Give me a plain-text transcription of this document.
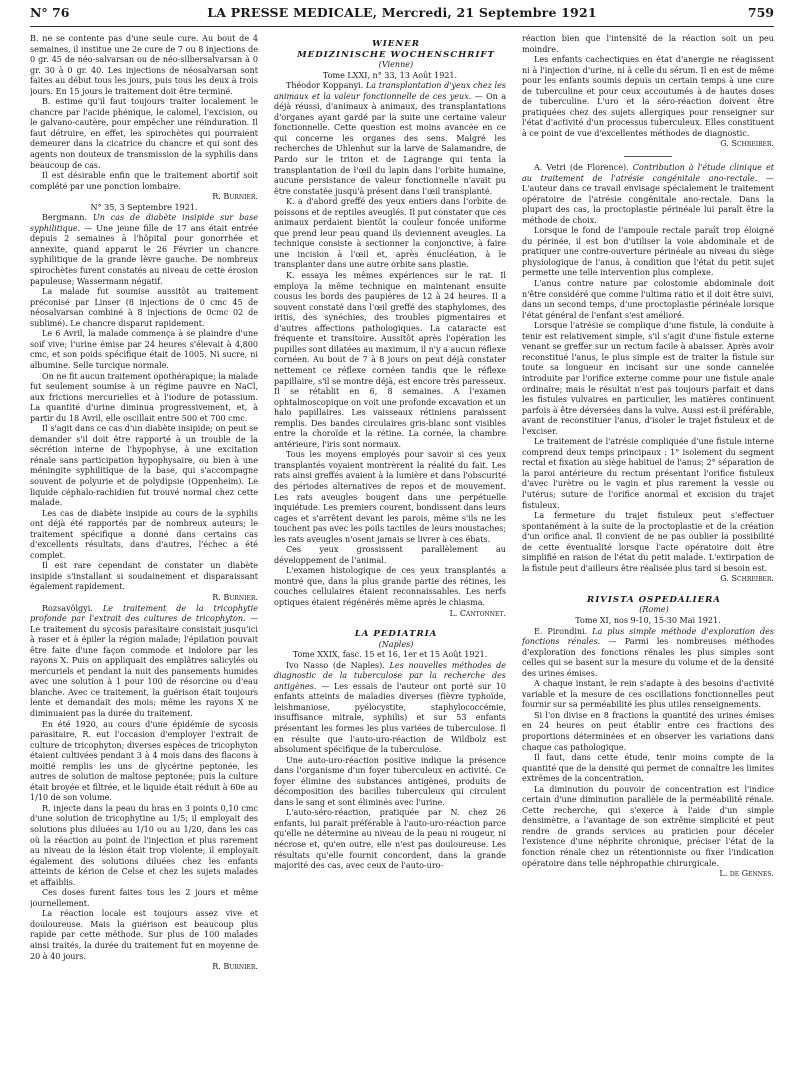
N° 76	LA PRESSE MEDICALE, Mercredi, 21 Septembre 1921	759

B. ne se contente pas d'une seule cure. Au bout de 4 semaines, il institue une 2e cure de 7 ou 8 injections de 0 gr. 45 de néo-salvarsan ou de néo-silbersalvarsan à 0 gr. 30 à 0 gr. 40. Les injections de néosalvarsan sont faites au début tous les jours, puis tous les deux à trois jours. En 15 jours le traitement doit être terminé.

B. estime qu'il faut toujours traiter localement le chancre par l'acide phénique, le calomel, l'excision, ou le galvano-cautère, pour empêcher une réinduration. Il faut détruire, en effet, les spirochètes qui pourraient demeurer dans la cicatrice du chancre et qui sont des agents non douteux de transmission de la syphilis dans beaucoup de cas.

Il est désirable enfin que le traitement abortif soit complété par une ponction lombaire.

R. Burnier.

N° 35, 3 Septembre 1921.

Bergmann. Un cas de diabète insipide sur base syphilitique. — Une jeune fille de 17 ans était entrée depuis 2 semaines à l'hôpital pour gonorrhée et annexite, quand apparut le 26 Février un chancre syphilitique de la grande lèvre gauche. De nombreux spirochètes furent constatés au niveau de cette érosion papuleuse; Wassermann négatif.

La malade fut soumise aussitôt au traitement préconisé par Linser (8 injections de 0 cmc 45 de néosalvarsan combiné à 8 injections de 0cmc 02 de sublimé). Le chancre disparut rapidement.

Le 6 Avril, la malade commença à se plaindre d'une soif vive; l'urine émise par 24 heures s'élevait à 4,800 cmc, et son poids spécifique était de 1005. Ni sucre, ni albumine. Selle turcique normale.

On ne fit aucun traitement opothérapique; la malade fut seulement soumise à un régime pauvre en NaCl, aux frictions mercurielles et à l'iodure de potassium. La quantité d'urine diminua progressivement, et, à partir du 18 Avril, elle oscillait entre 500 et 700 cmc.

Il s'agit dans ce cas d'un diabète insipide; on peut se demander s'il doit être rapporté à un trouble de la sécrétion interne de l'hypophyse, à une excitation rénale sans participation hypophysaire, ou bien à une méningite syphilitique de la base, qui s'accompagne souvent de polyurie et de polydipsie (Oppenheim). Le liquide céphalo-rachidien fut trouvé normal chez cette malade.

Les cas de diabète insipide au cours de la syphilis ont déjà été rapportés par de nombreux auteurs; le traitement spécifique a donné dans certains cas d'excellents résultats, dans d'autres, l'échec a été complet.

Il est rare cependant de constater un diabète insipide s'installant si soudainement et disparaissant également rapidement.

R. Burnier.

Rozsavölgyi. Le traitement de la tricophytie profonde par l'extrait des cultures de tricophyton. — Le traitement du sycosis parasitaire consistait jusqu'ici à raser et à épiler la région malade; l'épilation pouvait être faite d'une façon commode et indolore par les rayons X. Puis on appliquait des emplâtres salicylés ou mercuriels et pendant la nuit des pansements humides avec une solution à 1 pour 100 de résorcine ou d'eau blanche. Avec ce traitement, la guérison était toujours lente et demandait des mois; même les rayons X ne diminuaient pas la durée du traitement.

En été 1920, au cours d'une épidémie de sycosis parasitaire, R. eut l'occasion d'employer l'extrait de culture de tricophyton; diverses espèces de tricophyton étaient cultivées pendant 3 à 4 mois dans des flacons à moitié remplis les uns de glycérine peptonée, les autres de solution de maltose peptonée; puis la culture était broyée et filtrée, et le liquide était réduit à 60e au 1/10 de son volume.

R. injecte dans la peau du bras en 3 points 0,10 cmc d'une solution de tricophytine au 1/5; il employait des solutions plus diluées au 1/10 ou au 1/20, dans les cas où la réaction au point de l'injection et plus rarement au niveau de la lésion était trop violente; il employait également des solutions diluées chez les enfants atteints de kérion de Celse et chez les sujets malades et affaiblis.

Ces doses furent faites tous les 2 jours et même journellement.

La réaction locale est toujours assez vive et douloureuse. Mais la guérison est beaucoup plus rapide par cette méthode. Sur plus de 100 malades ainsi traités, la durée du traitement fut en moyenne de 20 à 40 jours.

R. Burnier.

WIENER

MEDIZINISCHE WOCHENSCHRIFT

(Vienne)

Tome LXXI, n° 33, 13 Août 1921.

Théodor Koppanyi. La transplantation d'yeux chez les animaux et la valeur fonctionnelle de ces yeux. — On a déjà réussi, d'animaux à animaux, des transplantations d'organes ayant gardé par la suite une certaine valeur fonctionnelle. Cette question est moins avancée en ce qui concerne les organes des sens. Malgré les recherches de Uhlenhut sur la larve de Salamandre, de Pardo sur le triton et de Lagrange qui tenta la transplantation de l'œil du lapin dans l'orbite humaine, aucune persistance de valeur fonctionnelle n'avait pu être constatée jusqu'à présent dans l'œil transplanté.

K. a d'abord greffé des yeux entiers dans l'orbite de poissons et de reptiles aveuglés. Il put constater que ces animaux perdaient bientôt la couleur foncée uniforme que prend leur peau quand ils deviennent aveugles. La technique consiste à sectionner la conjonctive, à faire une incision à l'œil et, après énucléation, à le transplanter dans une autre orbite sans plastie.

K. essaya les mêmes expériences sur le rat. Il employa la même technique en maintenant ensuite cousus les bords des paupières de 12 à 24 heures. Il a souvent constaté dans l'œil greffé des staphylomes, des iritis, des synéchies, des troubles pigmentaires et d'autres affections pathologiques. La cataracte est fréquente et transitoire. Aussitôt après l'opération les pupilles sont dilatées au maximum, il n'y a aucun réflexe cornéen. Au bout de 7 à 8 jours on peut déjà constater nettement ce réflexe cornéen tandis que le réflexe papillaire, s'il se montre déjà, est encore très paresseux. Il se rétablit en 6, 8 semaines. A l'examen ophtalmoscopique on voit une profonde excavation et un halo papillaires. Les vaisseaux rétiniens paraissent remplis. Des bandes circulaires gris-blanc sont visibles entre la choroïde et la rétine. La cornée, la chambre antérieure, l'iris sont normaux.

Tous les moyens employés pour savoir si ces yeux transplantés voyaient montrèrent la réalité du fait. Les rats ainsi greffés avaient à la lumière et dans l'obscurité des périodes alternatives de repos et de mouvement. Les rats aveugles bougent dans une perpétuelle inquiétude. Les premiers courent, bondissent dans leurs cages et s'arrêtent devant les parois, même s'ils ne les touchent pas avec les poils tactiles de leurs moustaches; les rats aveugles n'osent jamais se livrer à ces ébats.

Ces yeux grossissent parallèlement au développement de l'animal.

L'examen histologique de ces yeux transplantés a montré que, dans la plus grande partie des rétines, les couches cellulaires étaient reconnaissables. Les nerfs optiques étaient régénérés même après le chiasma.

L. Cantonnet.

LA PEDIATRIA

(Naples)

Tome XXIX, fasc. 15 et 16, 1er et 15 Août 1921.

Ivo Nasso (de Naples). Les nouvelles méthodes de diagnostic de la tuberculose par la recherche des antigènes. — Les essais de l'auteur ont porté sur 10 enfants atteints de maladies diverses (fièvre typhoïde, leishmaniose, pyélocystite, staphylococcémie, insuffisance mitrale, syphilis) et sur 53 enfants présentant les formes les plus variées de tuberculose. Il en résulte que l'auto-uro-réaction de Wildbolz est absolument spécifique de la tuberculose.

Une auto-uro-réaction positive indique la présence dans l'organisme d'un foyer tuberculeux en activité. Ce foyer élimine des substances antigènes, produits de décomposition des bacilles tuberculeux qui circulent dans le sang et sont éliminés avec l'urine.

L'auto-séro-réaction, pratiquée par N. chez 26 enfants, lui parait préférable à l'auto-uro-réaction parce qu'elle ne détermine au niveau de la peau ni rougeur, ni nécrose et, qu'en outre, elle n'est pas douloureuse. Les résultats qu'elle fournit concordent, dans la grande majorité des cas, avec ceux de l'auto-uro-

réaction bien que l'intensité de la réaction soit un peu moindre.

Les enfants cachectiques en état d'anergie ne réagissent ni à l'injection d'urine, ni à celle du sérum. Il en est de même pour les enfants soumis depuis un certain temps à une cure de tuberculine et pour ceux accoutumés à de hautes doses de tuberculine. L'uro et la séro-réaction doivent être pratiquées chez des sujets allergiques pour renseigner sur l'état d'activité d'un processus tuberculeux. Elles constituent à ce point de vue d'excellentes méthodes de diagnostic.

G. Schreiber.

A. Vetri (de Florence). Contribution à l'étude clinique et au traitement de l'atrésie congénitale ano-rectale. — L'auteur dans ce travail envisage spécialement le traitement opératoire de l'atrésie congénitale ano-rectale. Dans la plupart des cas, la proctoplastie périnéale lui paraît être la méthode de choix.

Lorsque le fond de l'ampoule rectale paraît trop éloigné du périnée, il est bon d'utiliser la voie abdominale et de pratiquer une contre-ouverture périnéale au niveau du siège physiologique de l'anus, à condition que l'état du petit sujet permette une telle intervention plus complexe.

L'anus contre nature par colostomie abdominale doit n'être considéré que comme l'ultima ratio et il doit être suivi, dans un second temps, d'une proctoplastie périnéale lorsque l'état général de l'enfant s'est amélioré.

Lorsque l'atrésie se complique d'une fistule, la conduite à tenir est relativement simple, s'il s'agit d'une fistule externe venant se greffer sur un rectum facile à abaisser. Après avoir reconstitué l'anus, le plus simple est de traiter la fistule sur toute sa longueur en incisant sur une sonde cannelée introduite par l'orifice externe comme pour une fistule anale ordinaire; mais le résultat n'est pas toujours parfait et dans les fistules vulvaires en particulier, les matières continuent parfois à être déversées dans la vulve. Aussi est-il préférable, avant de reconstituer l'anus, d'isoler le trajet fistuleux et de l'exciser.

Le traitement de l'atrésie compliquée d'une fistule interne comprend deux temps principaux : 1° isolement du segment rectal et fixation au siège habituel de l'anus; 2° séparation de la paroi antérieure du rectum présentant l'orifice fistuleux d'avec l'urètre ou le vagin et plus rarement la vessie ou l'utérus; suture de l'orifice anormal et excision du trajet fistuleux.

La fermeture du trajet fistuleux peut s'effectuer spontanément à la suite de la proctoplastie et de la création d'un orifice anal. Il convient de ne pas oublier la possibilité de cette éventualité lorsque l'acte opératoire doit être simplifié en raison de l'état du petit malade. L'extirpation de la fistule peut d'ailleurs être réalisée plus tard si besoin est.

G. Schreiber.

RIVISTA OSPEDALIERA

(Rome)

Tome XI, nos 9-10, 15-30 Mai 1921.

E. Pirondini. La plus simple méthode d'exploration des fonctions rénales. — Parmi les nombreuses méthodes d'exploration des fonctions rénales les plus simples sont celles qui se basent sur la mesure du volume et de la densité des urines émises.

A chaque instant, le rein s'adapte à des besoins d'activité variable et la mesure de ces oscillations fonctionnelles peut fournir sur sa perméabilité les plus utiles renseignements.

Si l'on divise en 8 fractions la quantité des urines émises en 24 heures on peut établir entre ces fractions des proportions déterminées et en observer les variations dans chaque cas pathologique.

Il faut, dans cette étude, tenir moins compte de la quantité que de la densité qui permet de connaître les limites extrêmes de la concentration.

La diminution du pouvoir de concentration est l'indice certain d'une diminution parallèle de la perméabilité rénale. Cette recherche, qui s'exerce à l'aide d'un simple densimètre, a l'avantage de son extrême simplicité et peut rendre de grands services au praticien pour déceler l'existence d'une néphrite chronique, préciser l'état de la fonction rénale chez un rétentionniste ou fixer l'indication opératoire dans telle néphropathie chirurgicale.

L. de Gennes.
